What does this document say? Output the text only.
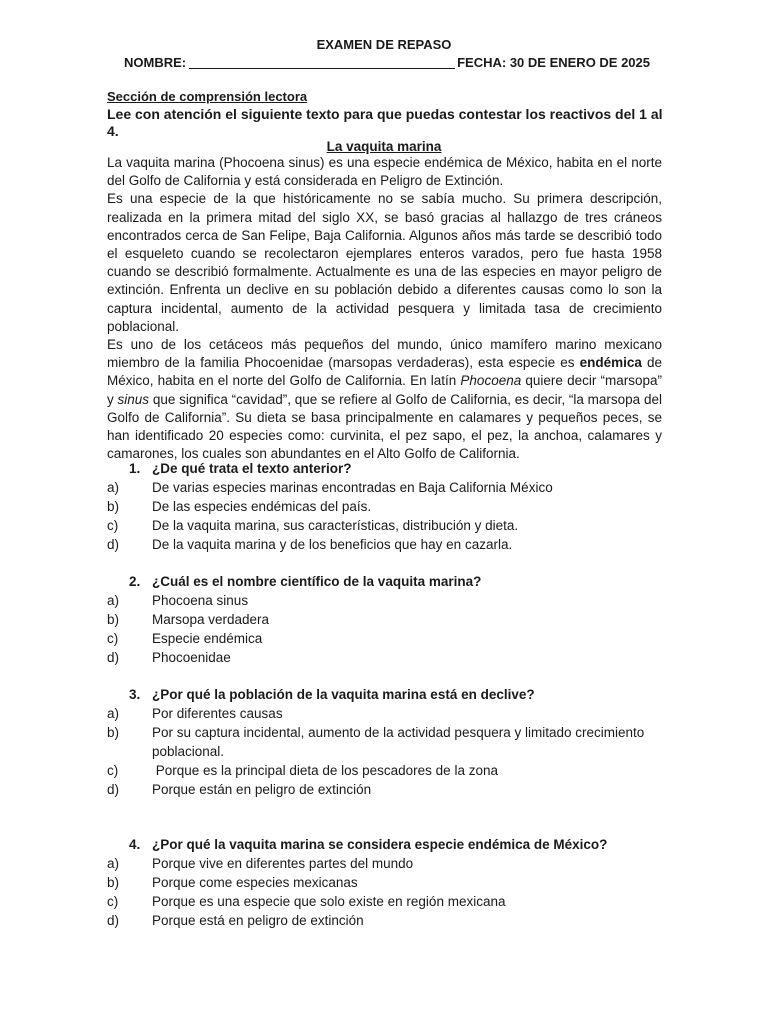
EXAMEN DE REPASO
NOMBRE:	FECHA: 30 DE ENERO DE 2025
Sección de comprensión lectora
Lee con atención el siguiente texto para que puedas contestar los reactivos del 1 al 4.
La vaquita marina

La vaquita marina (Phocoena sinus) es una especie endémica de México, habita en el norte del Golfo de California y está considerada en Peligro de Extinción.

Es una especie de la que históricamente no se sabía mucho. Su primera descripción, realizada en la primera mitad del siglo XX, se basó gracias al hallazgo de tres cráneos encontrados cerca de San Felipe, Baja California. Algunos años más tarde se describió todo el esqueleto cuando se recolectaron ejemplares enteros varados, pero fue hasta 1958 cuando se describió formalmente. Actualmente es una de las especies en mayor peligro de extinción. Enfrenta un declive en su población debido a diferentes causas como lo son la captura incidental, aumento de la actividad pesquera y limitada tasa de crecimiento poblacional.

Es uno de los cetáceos más pequeños del mundo, único mamífero marino mexicano miembro de la familia Phocoenidae (marsopas verdaderas), esta especie es endémica de México, habita en el norte del Golfo de California. En latín Phocoena quiere decir “marsopa” y sinus que significa “cavidad”, que se refiere al Golfo de California, es decir, “la marsopa del Golfo de California”. Su dieta se basa principalmente en calamares y pequeños peces, se han identificado 20 especies como: curvinita, el pez sapo, el pez, la anchoa, calamares y camarones, los cuales son abundantes en el Alto Golfo de California.

1. ¿De qué trata el texto anterior?
a)	De varias especies marinas encontradas en Baja California México
b)	De las especies endémicas del país.
c)	De la vaquita marina, sus características, distribución y dieta.
d)	De la vaquita marina y de los beneficios que hay en cazarla.
2. ¿Cuál es el nombre científico de la vaquita marina?
a)	Phocoena sinus
b)	Marsopa verdadera
c)	Especie endémica
d)	Phocoenidae
3. ¿Por qué la población de la vaquita marina está en declive?
a)	Por diferentes causas
b)	Por su captura incidental, aumento de la actividad pesquera y limitado crecimiento poblacional.
c)	Porque es la principal dieta de los pescadores de la zona
d)	Porque están en peligro de extinción
4. ¿Por qué la vaquita marina se considera especie endémica de México?
a)	Porque vive en diferentes partes del mundo
b)	Porque come especies mexicanas
c)	Porque es una especie que solo existe en región mexicana
d)	Porque está en peligro de extinción
